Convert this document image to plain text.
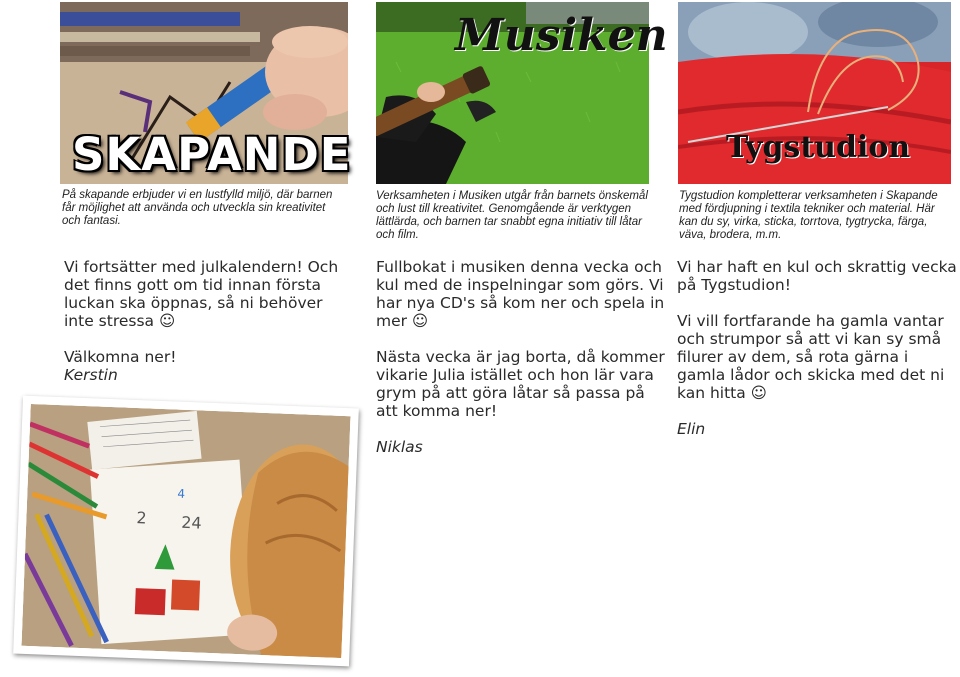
SKAPANDE
På skapande erbjuder vi en lustfylld miljö, där barnen får möjlighet att använda och utveckla sin kreativitet och fantasi.

Vi fortsätter med julkalendern! Och det finns gott om tid innan första luckan ska öppnas, så ni behöver inte stressa ☺

Välkomna ner!
Kerstin
4
2 24
Musiken
Verksamheten i Musiken utgår från barnets önskemål och lust till kreativitet. Genomgående är verktygen lättlärda, och barnen tar snabbt egna initiativ till låtar och film.

Fullbokat i musiken denna vecka och kul med de inspelningar som görs. Vi har nya CD's så kom ner och spela in mer ☺

Nästa vecka är jag borta, då kommer vikarie Julia istället och hon lär vara grym på att göra låtar så passa på att komma ner!

Niklas
Tygstudion
Tygstudion kompletterar verksamheten i Skapande med fördjupning i textila tekniker och material. Här kan du sy, virka, sticka, torrtova, tygtrycka, färga, väva, brodera, m.m.

Vi har haft en kul och skrattig vecka på Tygstudion!

Vi vill fortfarande ha gamla vantar och strumpor så att vi kan sy små filurer av dem, så rota gärna i gamla lådor och skicka med det ni kan hitta ☺

Elin
